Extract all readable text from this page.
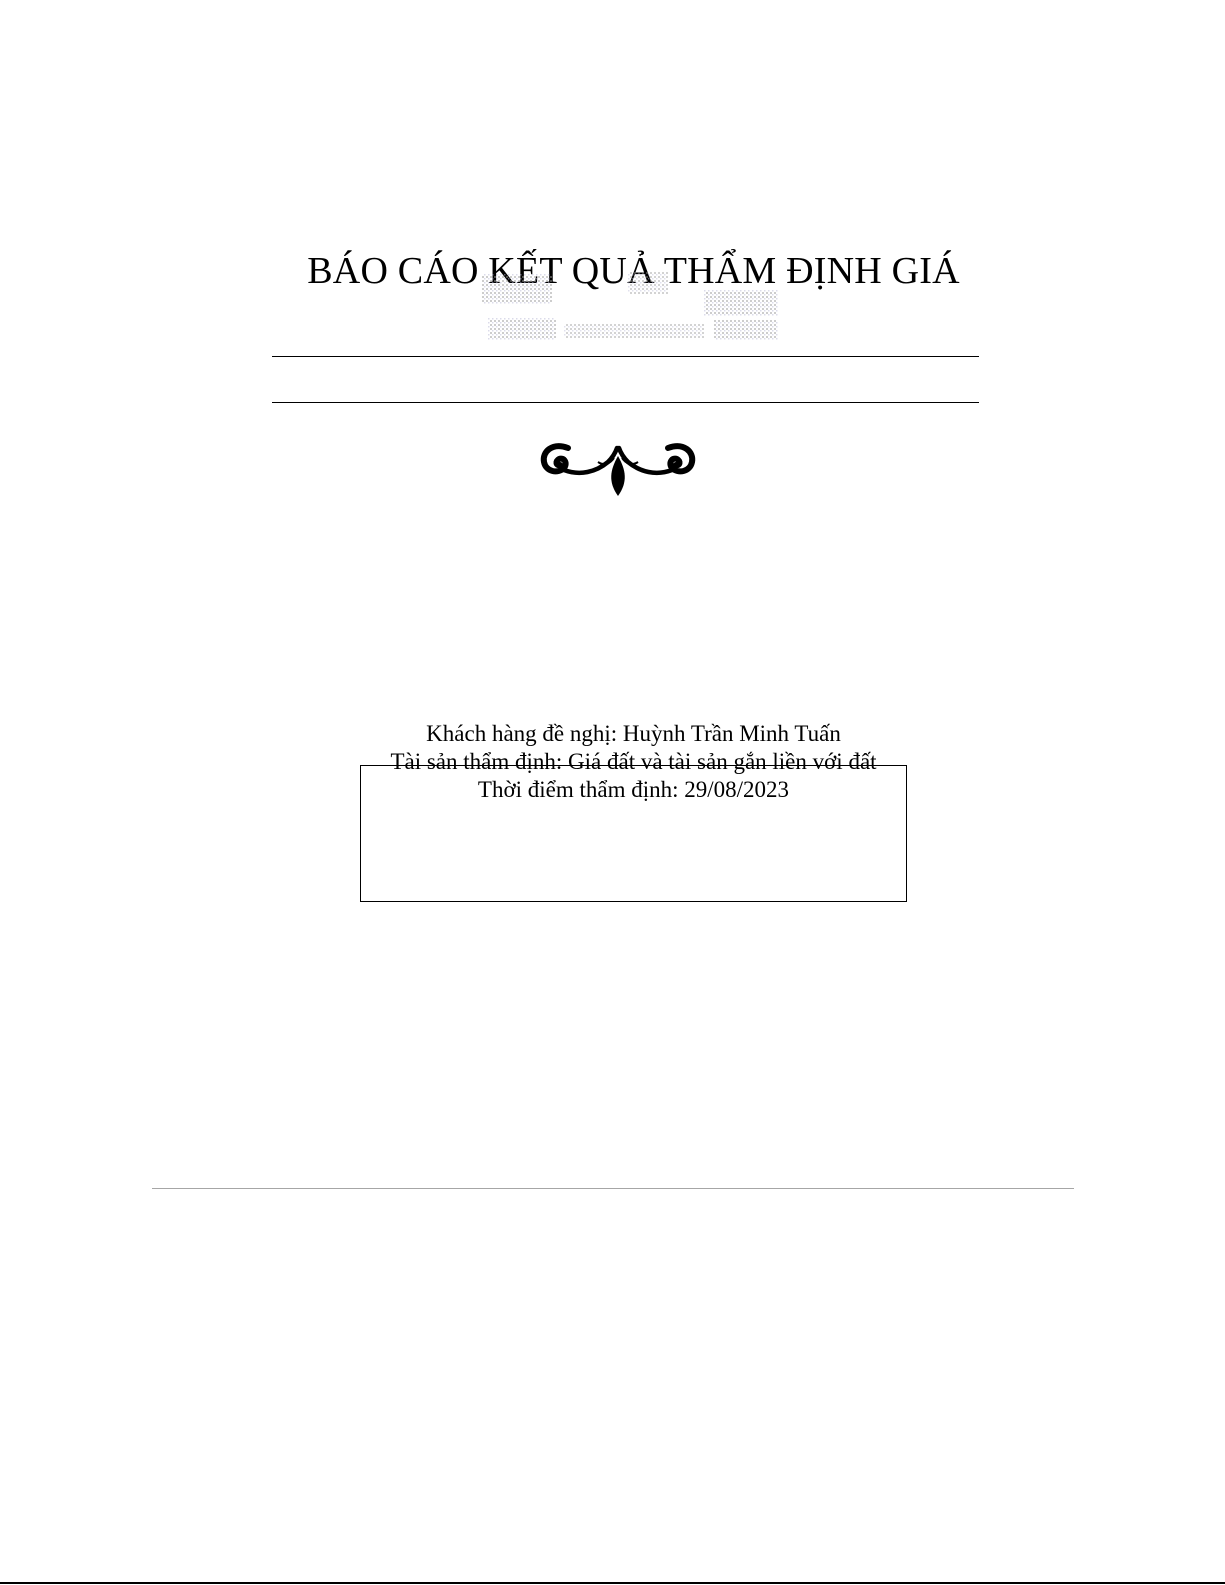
BÁO CÁO KẾT QUẢ THẨM ĐỊNH GIÁ
Khách hàng đề nghị: Huỳnh Trần Minh Tuấn
Tài sản thẩm định: Giá đất và tài sản gắn liền với đất
Thời điểm thẩm định: 29/08/2023
